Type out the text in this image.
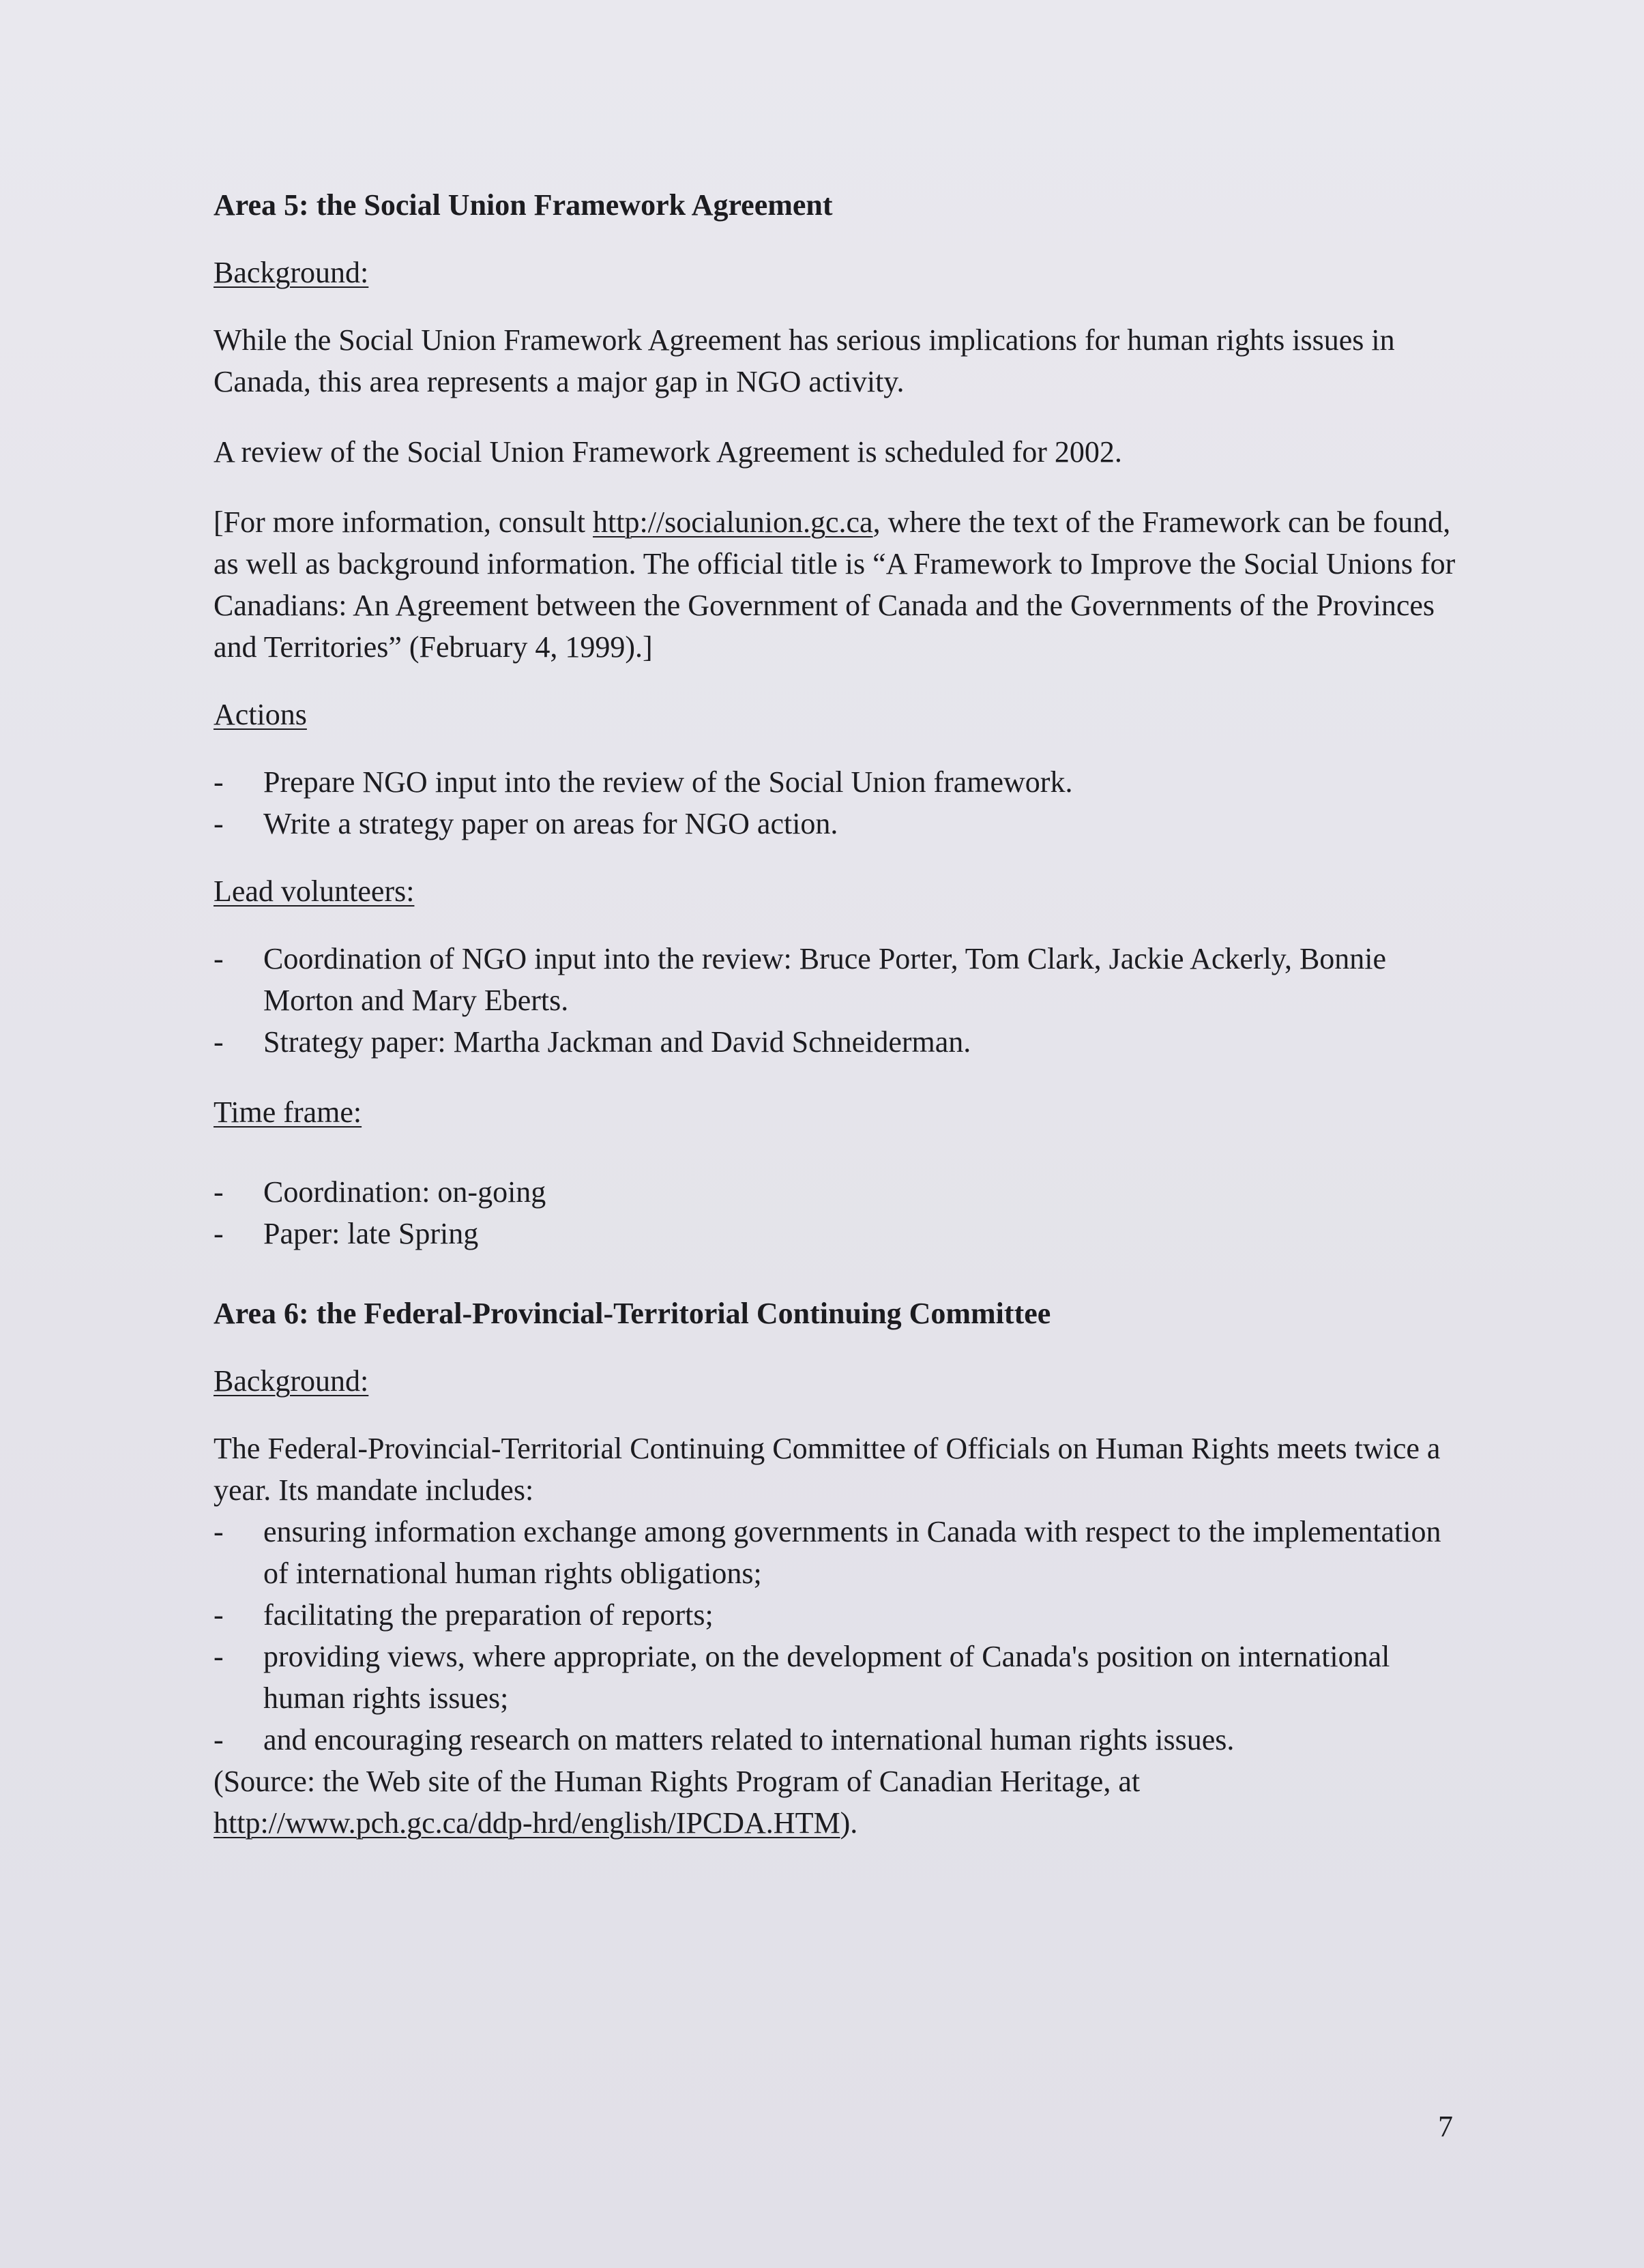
Area 5: the Social Union Framework Agreement

Background:

While the Social Union Framework Agreement has serious implications for human rights issues in Canada, this area represents a major gap in NGO activity.

A review of the Social Union Framework Agreement is scheduled for 2002.

[For more information, consult http://socialunion.gc.ca, where the text of the Framework can be found, as well as background information. The official title is “A Framework to Improve the Social Unions for Canadians: An Agreement between the Government of Canada and the Governments of the Provinces and Territories” (February 4, 1999).]

Actions

- Prepare NGO input into the review of the Social Union framework.
- Write a strategy paper on areas for NGO action.

Lead volunteers:

- Coordination of NGO input into the review: Bruce Porter, Tom Clark, Jackie Ackerly, Bonnie Morton and Mary Eberts.
- Strategy paper: Martha Jackman and David Schneiderman.

Time frame:

- Coordination: on-going
- Paper: late Spring

Area 6: the Federal-Provincial-Territorial Continuing Committee

Background:

The Federal-Provincial-Territorial Continuing Committee of Officials on Human Rights meets twice a year. Its mandate includes:

- ensuring information exchange among governments in Canada with respect to the implementation of international human rights obligations;
- facilitating the preparation of reports;
- providing views, where appropriate, on the development of Canada's position on international human rights issues;
- and encouraging research on matters related to international human rights issues.

(Source: the Web site of the Human Rights Program of Canadian Heritage, at
http://www.pch.gc.ca/ddp-hrd/english/IPCDA.HTM).

7
